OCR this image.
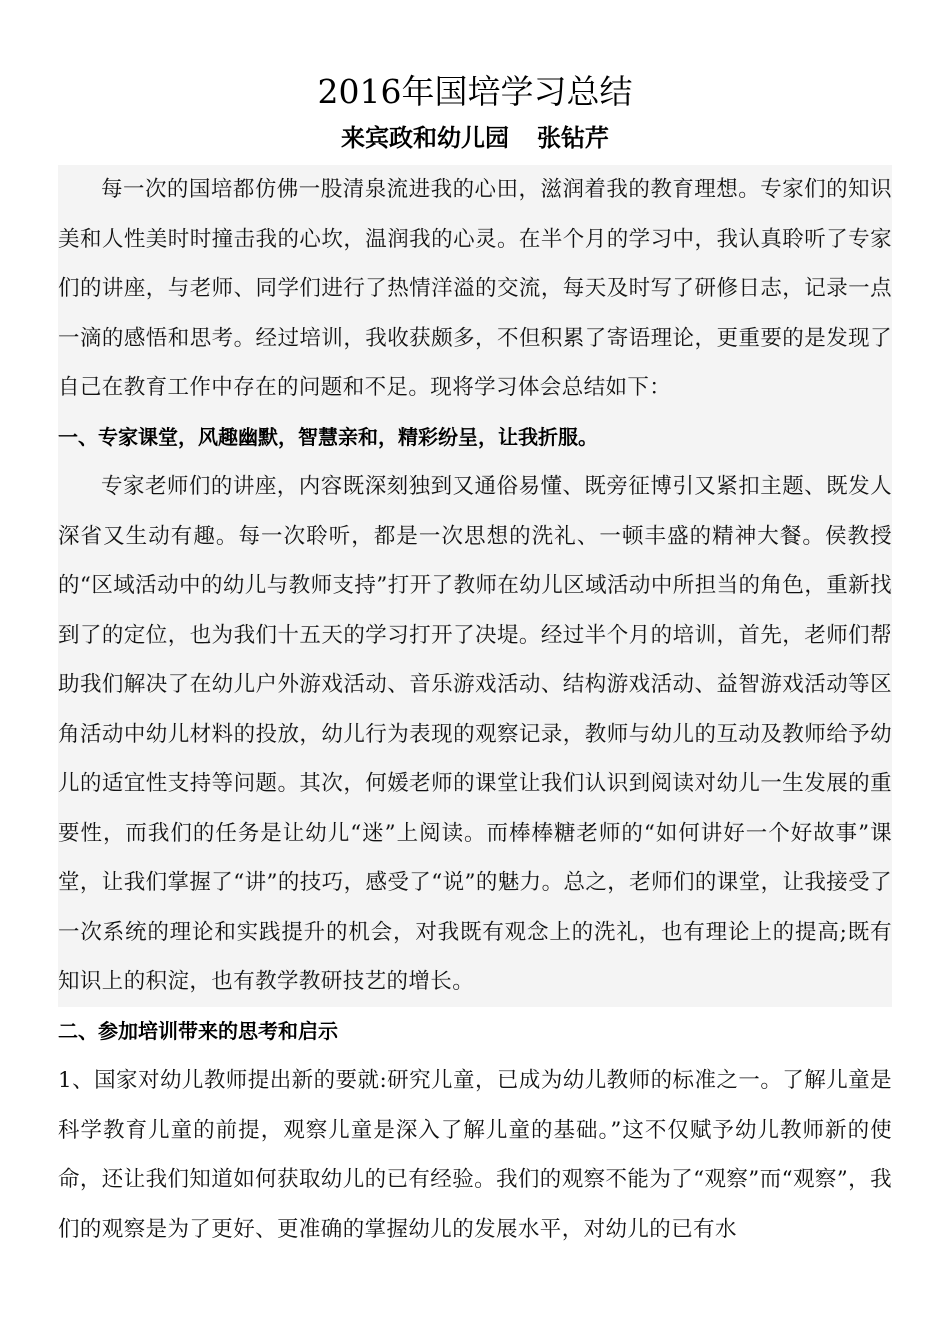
2016年国培学习总结
来宾政和幼儿园 张钻芹

每一次的国培都仿佛一股清泉流进我的心田，滋润着我的教育理想。专家们的知识美和人性美时时撞击我的心坎，温润我的心灵。在半个月的学习中，我认真聆听了专家们的讲座，与老师、同学们进行了热情洋溢的交流，每天及时写了研修日志，记录一点一滴的感悟和思考。经过培训，我收获颇多，不但积累了寄语理论，更重要的是发现了自己在教育工作中存在的问题和不足。现将学习体会总结如下：

一、专家课堂，风趣幽默，智慧亲和，精彩纷呈，让我折服。

专家老师们的讲座，内容既深刻独到又通俗易懂、既旁征博引又紧扣主题、既发人深省又生动有趣。每一次聆听，都是一次思想的洗礼、一顿丰盛的精神大餐。侯教授的“区域活动中的幼儿与教师支持”打开了教师在幼儿区域活动中所担当的角色，重新找到了的定位，也为我们十五天的学习打开了决堤。经过半个月的培训，首先，老师们帮助我们解决了在幼儿户外游戏活动、音乐游戏活动、结构游戏活动、益智游戏活动等区角活动中幼儿材料的投放，幼儿行为表现的观察记录，教师与幼儿的互动及教师给予幼儿的适宜性支持等问题。其次，何媛老师的课堂让我们认识到阅读对幼儿一生发展的重要性，而我们的任务是让幼儿“迷”上阅读。而棒棒糖老师的“如何讲好一个好故事”课堂，让我们掌握了“讲”的技巧，感受了“说”的魅力。总之，老师们的课堂，让我接受了一次系统的理论和实践提升的机会，对我既有观念上的洗礼，也有理论上的提高;既有知识上的积淀，也有教学教研技艺的增长。

二、参加培训带来的思考和启示

1、国家对幼儿教师提出新的要就:研究儿童，已成为幼儿教师的标准之一。了解儿童是科学教育儿童的前提，观察儿童是深入了解儿童的基础。”这不仅赋予幼儿教师新的使命，还让我们知道如何获取幼儿的已有经验。我们的观察不能为了“观察”而“观察”，我们的观察是为了更好、更准确的掌握幼儿的发展水平，对幼儿的已有水
